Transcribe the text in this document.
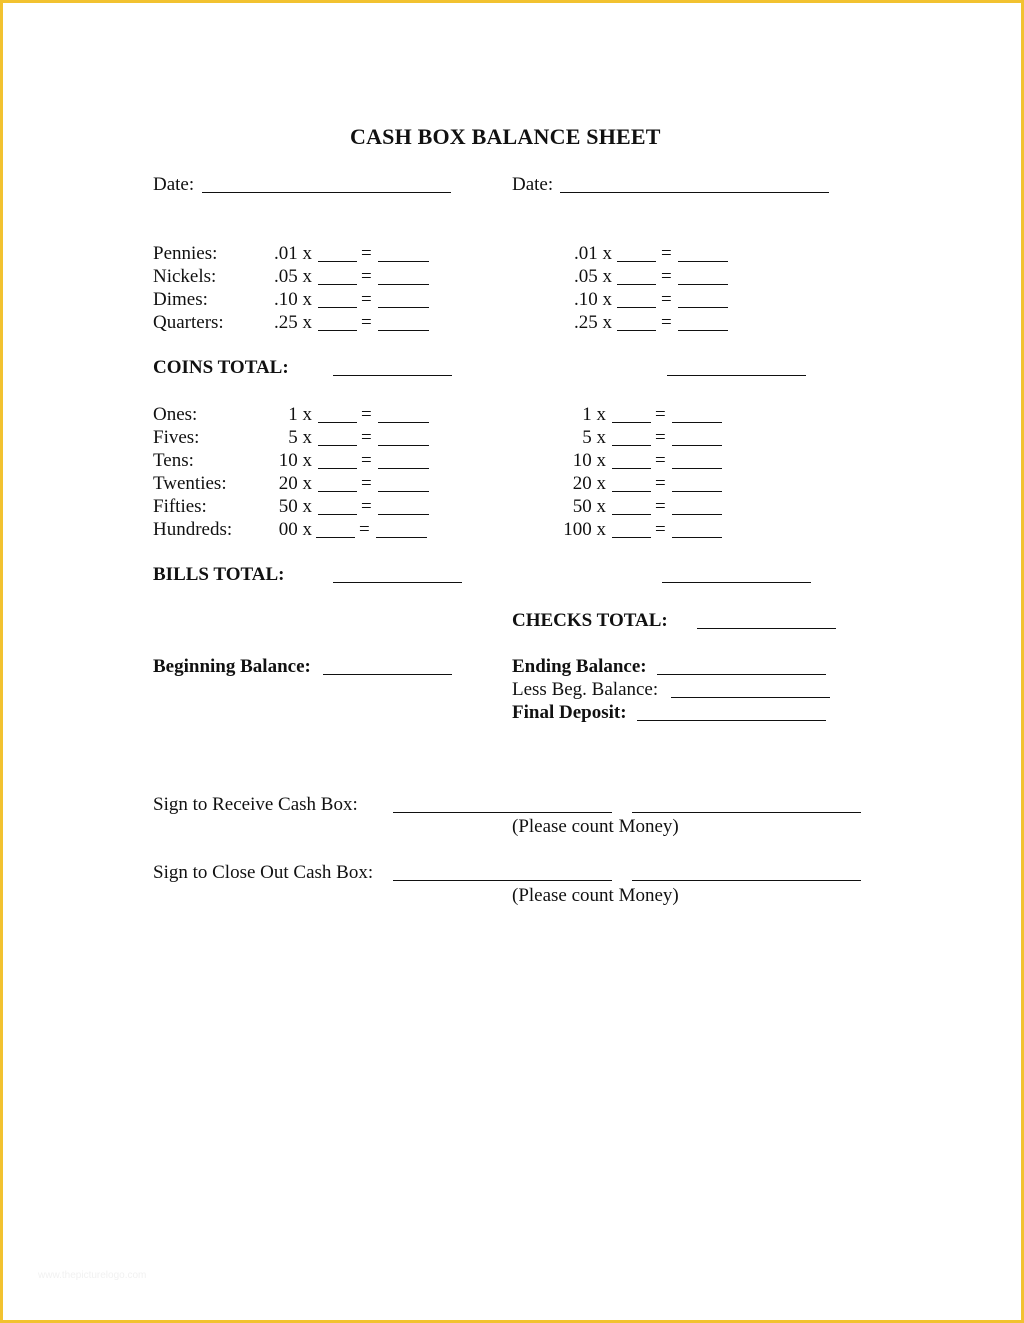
CASH BOX BALANCE SHEET
Date:	Date:
Pennies:	.01 x	=	.01 x	=
Nickels:	.05 x	=	.05 x	=
Dimes:	.10 x	=	.10 x	=
Quarters:	.25 x	=	.25 x	=
COINS TOTAL:
Ones:	1 x	=	1 x	=
Fives:	5 x	=	5 x	=
Tens:	10 x	=	10 x	=
Twenties:	20 x	=	20 x	=
Fifties:	50 x	=	50 x	=
Hundreds:	00 x =	100 x	=
BILLS TOTAL:
CHECKS TOTAL:
Beginning Balance:	Ending Balance:
Less Beg. Balance:
Final Deposit:
Sign to Receive Cash Box:
(Please count Money)
Sign to Close Out Cash Box:
(Please count Money)
www.thepicturelogo.com
